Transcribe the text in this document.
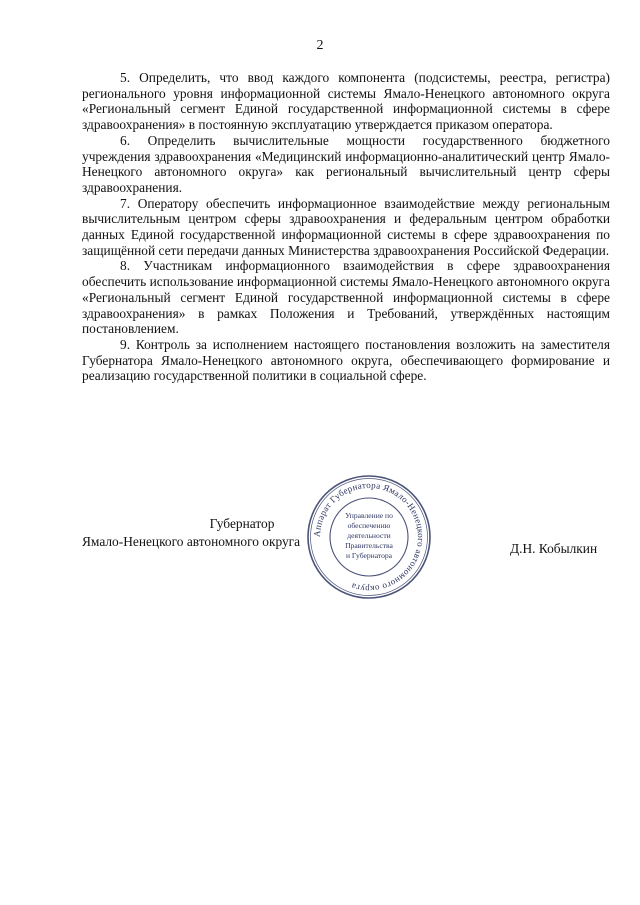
2

5. Определить, что ввод каждого компонента (подсистемы, реестра, регистра) регионального уровня информационной системы Ямало-Ненецкого автономного округа «Региональный сегмент Единой государственной информационной системы в сфере здравоохранения» в постоянную эксплуатацию утверждается приказом оператора.

6. Определить вычислительные мощности государственного бюджетного учреждения здравоохранения «Медицинский информационно-аналитический центр Ямало-Ненецкого автономного округа» как региональный вычислительный центр сферы здравоохранения.

7. Оператору обеспечить информационное взаимодействие между региональным вычислительным центром сферы здравоохранения и федеральным центром обработки данных Единой государственной информационной системы в сфере здравоохранения по защищённой сети передачи данных Министерства здравоохранения Российской Федерации.

8. Участникам информационного взаимодействия в сфере здравоохранения обеспечить использование информационной системы Ямало-Ненецкого автономного округа «Региональный сегмент Единой государственной информационной системы в сфере здравоохранения» в рамках Положения и Требований, утверждённых настоящим постановлением.

9. Контроль за исполнением настоящего постановления возложить на заместителя Губернатора Ямало-Ненецкого автономного округа, обеспечивающего формирование и реализацию государственной политики в социальной сфере.

Губернатор
Ямало-Ненецкого автономного округа
Аппарат Губернатора Ямало-Ненецкого автономного округа
Управление по
обеспечению
деятельности
Правительства
и Губернатора	Д.Н. Кобылкин
